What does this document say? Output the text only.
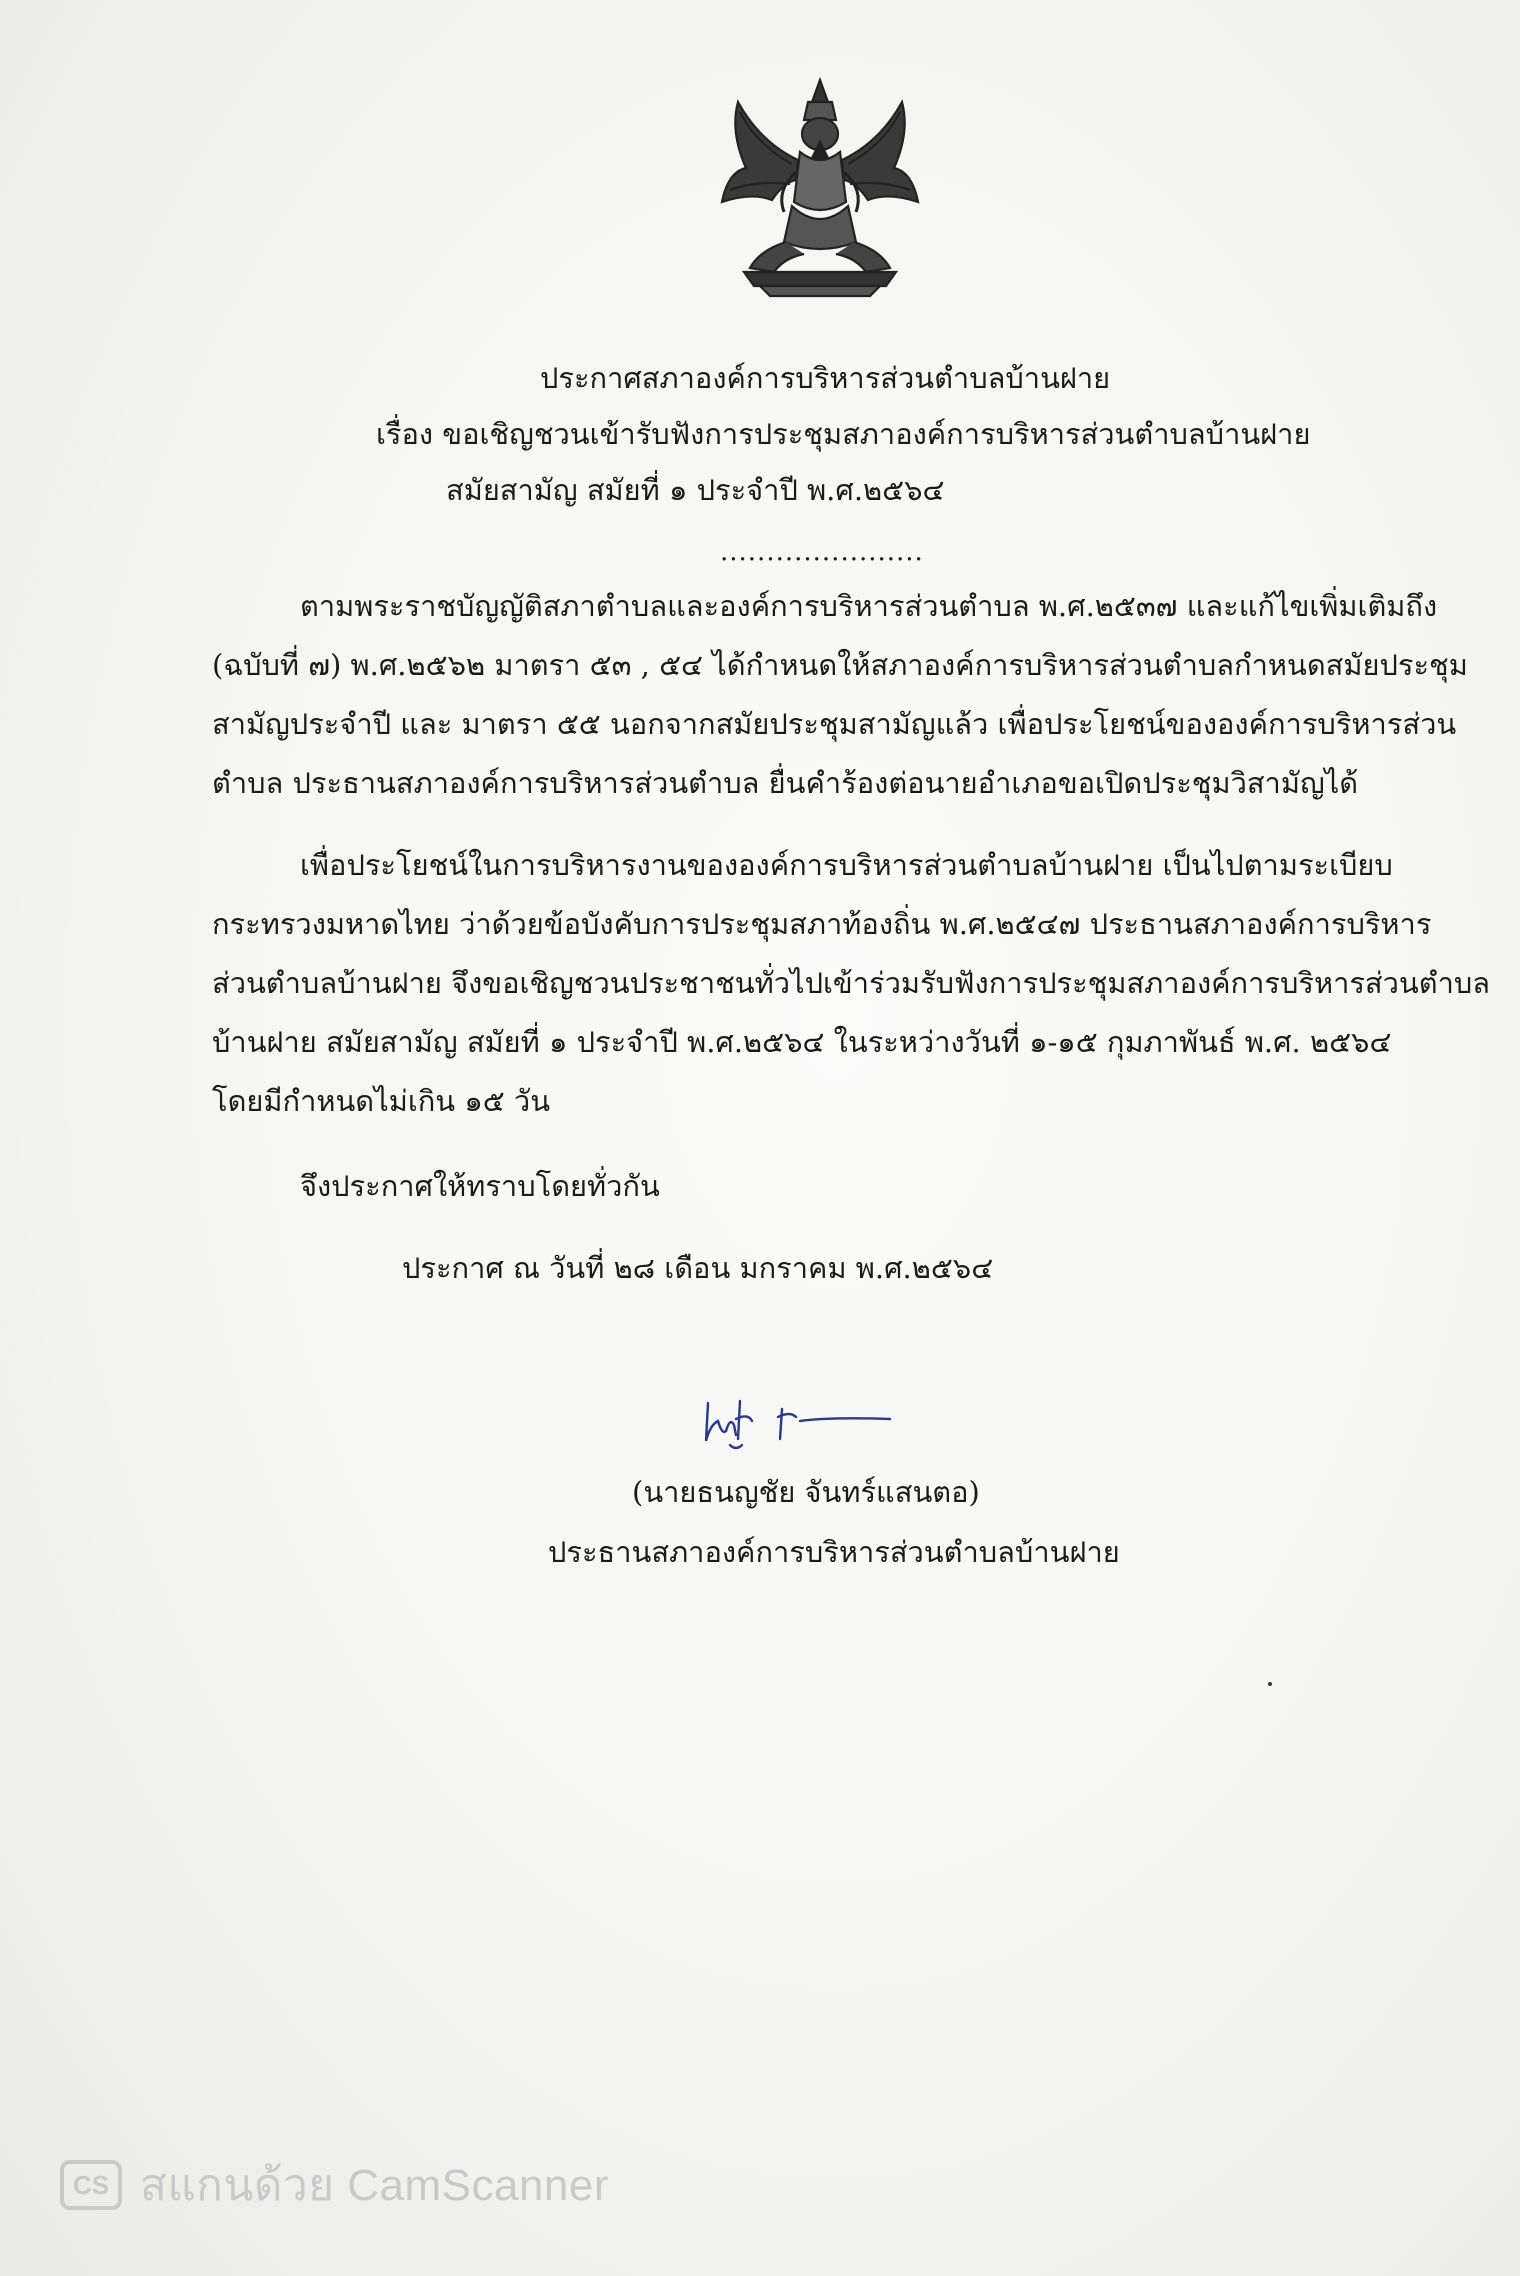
ประกาศสภาองค์การบริหารส่วนตำบลบ้านฝาย
เรื่อง ขอเชิญชวนเข้ารับฟังการประชุมสภาองค์การบริหารส่วนตำบลบ้านฝาย
สมัยสามัญ สมัยที่ ๑ ประจำปี พ.ศ.๒๕๖๔
......................
ตามพระราชบัญญัติสภาตำบลและองค์การบริหารส่วนตำบล พ.ศ.๒๕๓๗ และแก้ไขเพิ่มเติมถึง
(ฉบับที่ ๗) พ.ศ.๒๕๖๒ มาตรา ๕๓ , ๕๔ ได้กำหนดให้สภาองค์การบริหารส่วนตำบลกำหนดสมัยประชุม
สามัญประจำปี และ มาตรา ๕๕ นอกจากสมัยประชุมสามัญแล้ว เพื่อประโยชน์ขององค์การบริหารส่วน
ตำบล ประธานสภาองค์การบริหารส่วนตำบล ยื่นคำร้องต่อนายอำเภอขอเปิดประชุมวิสามัญได้
เพื่อประโยชน์ในการบริหารงานขององค์การบริหารส่วนตำบลบ้านฝาย เป็นไปตามระเบียบ
กระทรวงมหาดไทย ว่าด้วยข้อบังคับการประชุมสภาท้องถิ่น พ.ศ.๒๕๔๗ ประธานสภาองค์การบริหาร
ส่วนตำบลบ้านฝาย จึงขอเชิญชวนประชาชนทั่วไปเข้าร่วมรับฟังการประชุมสภาองค์การบริหารส่วนตำบล
บ้านฝาย สมัยสามัญ สมัยที่ ๑ ประจำปี พ.ศ.๒๕๖๔ ในระหว่างวันที่ ๑-๑๕ กุมภาพันธ์ พ.ศ. ๒๕๖๔
โดยมีกำหนดไม่เกิน ๑๕ วัน
จึงประกาศให้ทราบโดยทั่วกัน
ประกาศ ณ วันที่ ๒๘ เดือน มกราคม พ.ศ.๒๕๖๔
(นายธนญชัย จันทร์แสนตอ)
ประธานสภาองค์การบริหารส่วนตำบลบ้านฝาย
CS สแกนด้วย CamScanner
